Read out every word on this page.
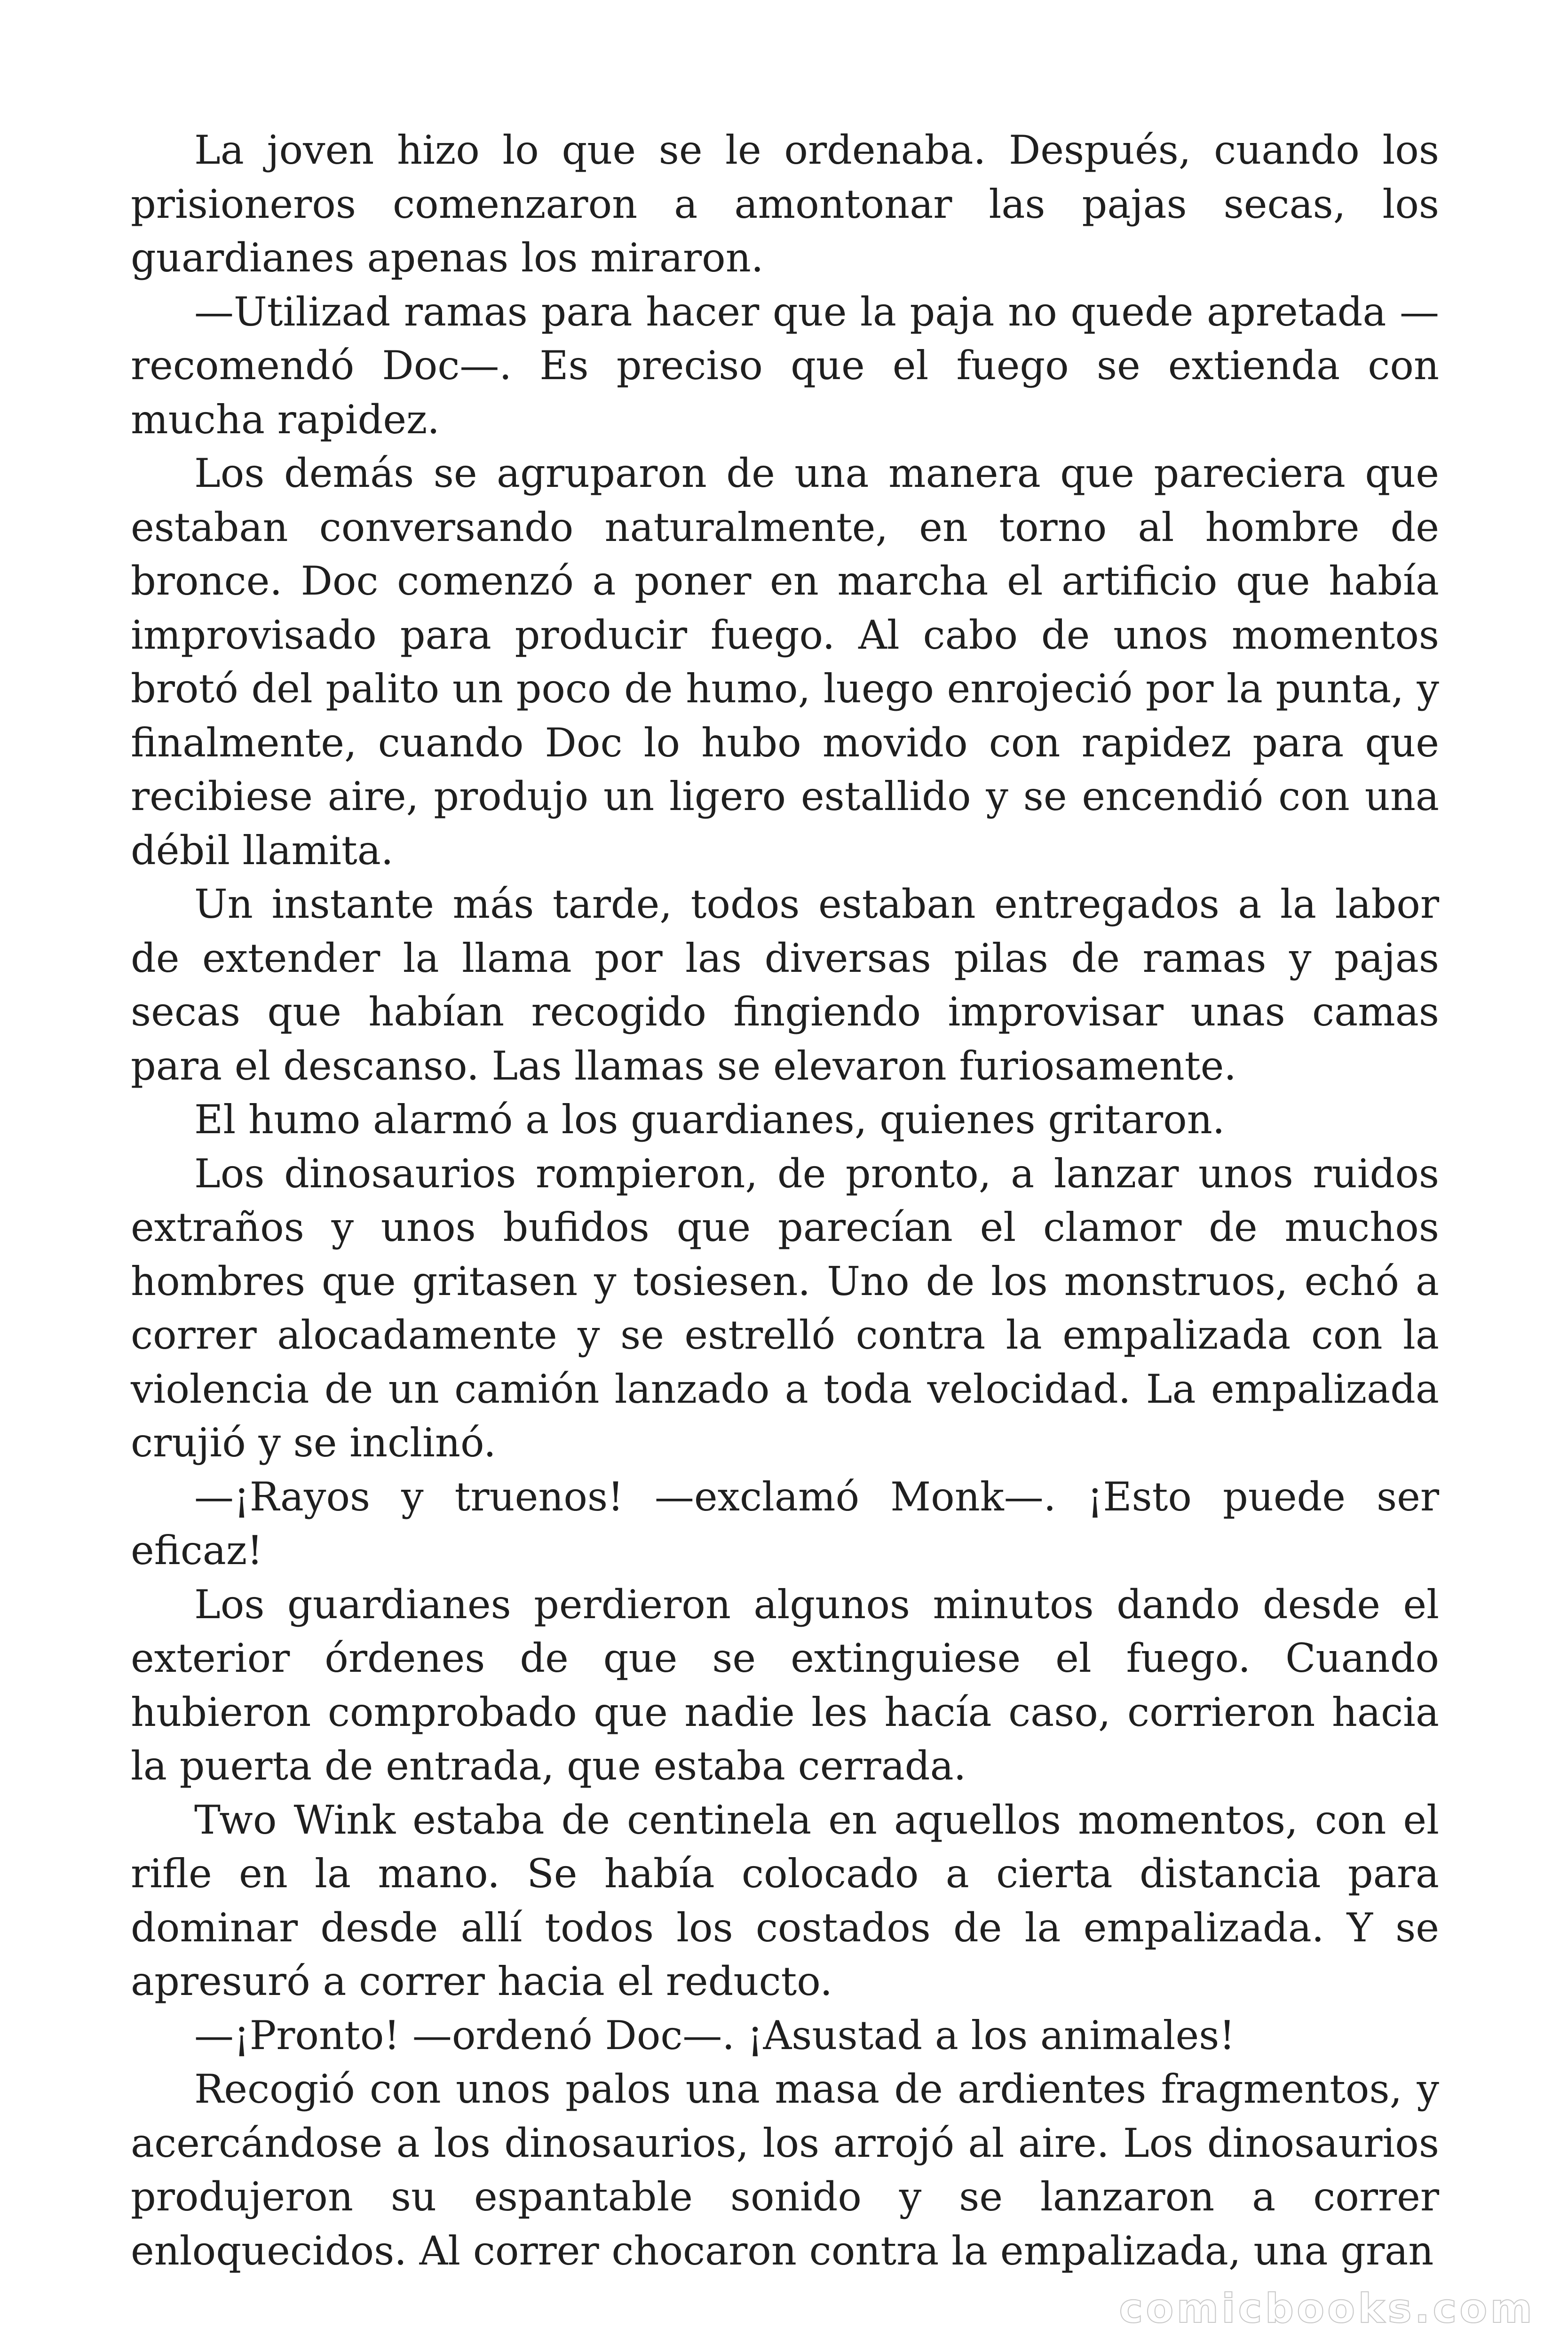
La joven hizo lo que se le ordenaba. Después, cuando los prisioneros comenzaron a amontonar las pajas secas, los guardianes apenas los miraron.

—Utilizad ramas para hacer que la paja no quede apretada —recomendó Doc—. Es preciso que el fuego se extienda con mucha rapidez.

Los demás se agruparon de una manera que pareciera que estaban conversando naturalmente, en torno al hombre de bronce. Doc comenzó a poner en marcha el artificio que había improvisado para producir fuego. Al cabo de unos momentos brotó del palito un poco de humo, luego enrojeció por la punta, y finalmente, cuando Doc lo hubo movido con rapidez para que recibiese aire, produjo un ligero estallido y se encendió con una débil llamita.

Un instante más tarde, todos estaban entregados a la labor de extender la llama por las diversas pilas de ramas y pajas secas que habían recogido fingiendo improvisar unas camas para el descanso. Las llamas se elevaron furiosamente.

El humo alarmó a los guardianes, quienes gritaron.

Los dinosaurios rompieron, de pronto, a lanzar unos ruidos extraños y unos bufidos que parecían el clamor de muchos hombres que gritasen y tosiesen. Uno de los monstruos, echó a correr alocadamente y se estrelló contra la empalizada con la violencia de un camión lanzado a toda velocidad. La empalizada crujió y se inclinó.

—¡Rayos y truenos! —exclamó Monk—. ¡Esto puede ser eficaz!

Los guardianes perdieron algunos minutos dando desde el exterior órdenes de que se extinguiese el fuego. Cuando hubieron comprobado que nadie les hacía caso, corrieron hacia la puerta de entrada, que estaba cerrada.

Two Wink estaba de centinela en aquellos momentos, con el rifle en la mano. Se había colocado a cierta distancia para dominar desde allí todos los costados de la empalizada. Y se apresuró a correr hacia el reducto.

—¡Pronto! —ordenó Doc—. ¡Asustad a los animales!

Recogió con unos palos una masa de ardientes fragmentos, y acercándose a los dinosaurios, los arrojó al aire. Los dinosaurios produjeron su espantable sonido y se lanzaron a correr enloquecidos. Al correr chocaron contra la empalizada, una gran

comicbooks.com
